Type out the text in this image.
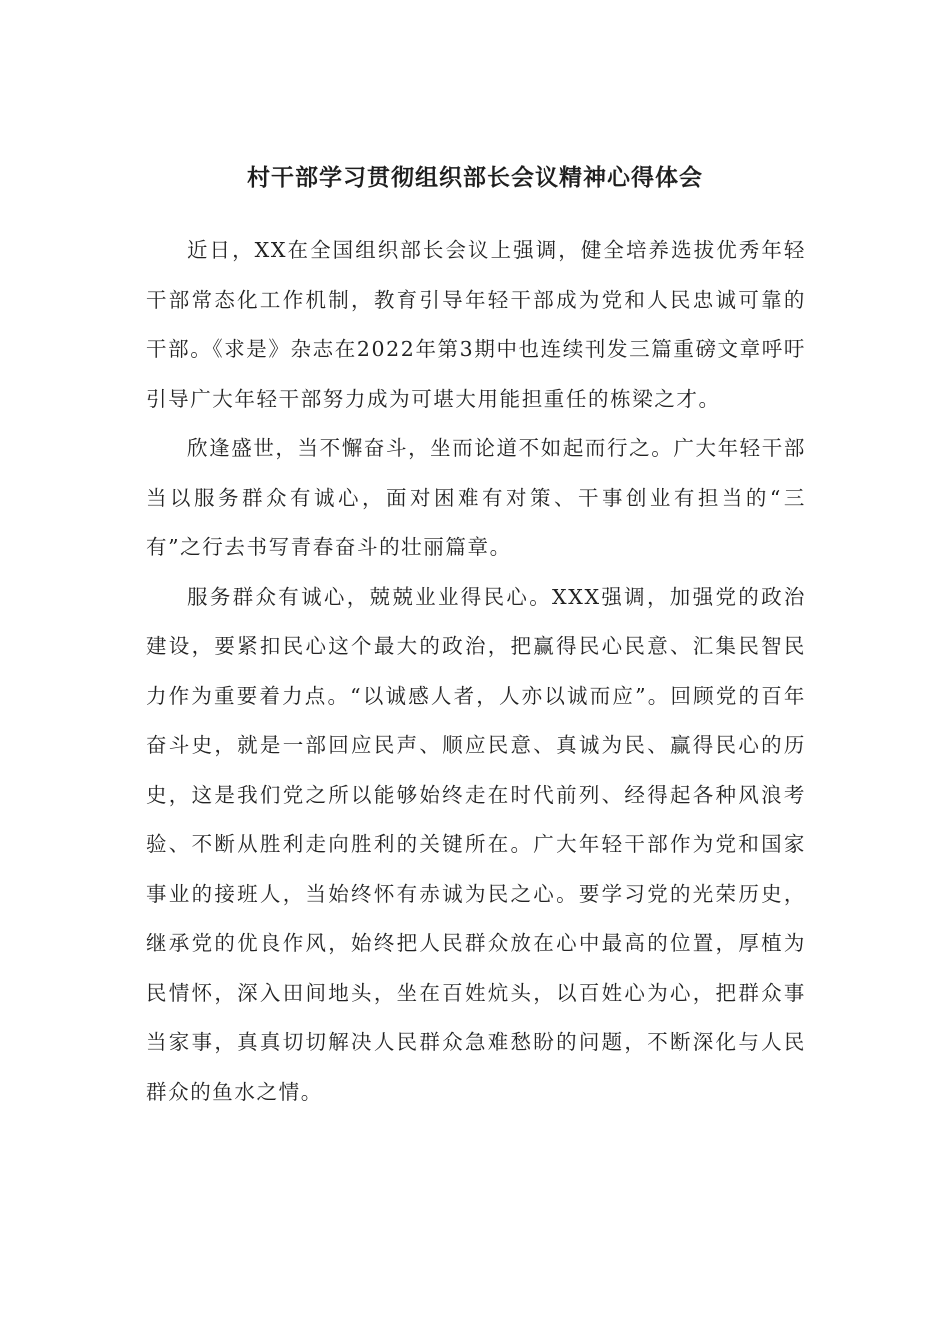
村干部学习贯彻组织部长会议精神心得体会

近日，XX在全国组织部长会议上强调，健全培养选拔优秀年轻干部常态化工作机制，教育引导年轻干部成为党和人民忠诚可靠的干部。《求是》杂志在2022年第3期中也连续刊发三篇重磅文章呼吁引导广大年轻干部努力成为可堪大用能担重任的栋梁之才。

欣逢盛世，当不懈奋斗，坐而论道不如起而行之。广大年轻干部当以服务群众有诚心，面对困难有对策、干事创业有担当的“三有”之行去书写青春奋斗的壮丽篇章。

服务群众有诚心，兢兢业业得民心。XXX强调，加强党的政治建设，要紧扣民心这个最大的政治，把赢得民心民意、汇集民智民力作为重要着力点。“以诚感人者，人亦以诚而应”。回顾党的百年奋斗史，就是一部回应民声、顺应民意、真诚为民、赢得民心的历史，这是我们党之所以能够始终走在时代前列、经得起各种风浪考验、不断从胜利走向胜利的关键所在。广大年轻干部作为党和国家事业的接班人，当始终怀有赤诚为民之心。要学习党的光荣历史，继承党的优良作风，始终把人民群众放在心中最高的位置，厚植为民情怀，深入田间地头，坐在百姓炕头，以百姓心为心，把群众事当家事，真真切切解决人民群众急难愁盼的问题，不断深化与人民群众的鱼水之情。
